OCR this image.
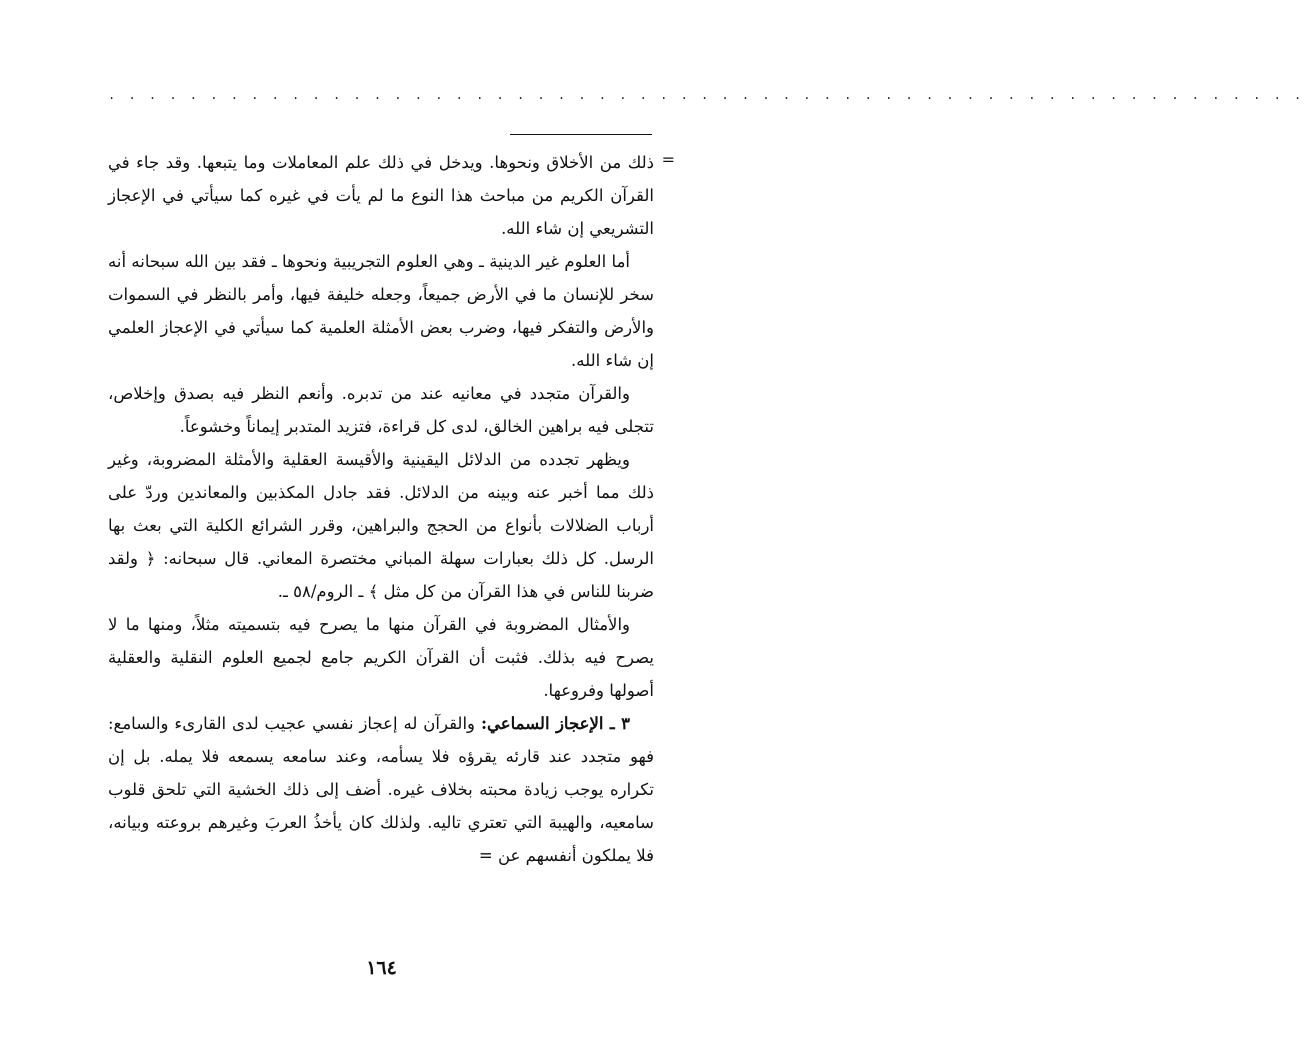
. . . . . . . . . . . . . . . . . . . . . . . . . . . . . . . . . . . . . . . . . . . . . . . . . . . . . . . . . . .
=

ذلك من الأخلاق ونحوها. ويدخل في ذلك علم المعاملات وما يتبعها. وقد جاء في القرآن الكريم من مباحث هذا النوع ما لم يأت في غيره كما سيأتي في الإعجاز التشريعي إن شاء الله.

أما العلوم غير الدينية ـ وهي العلوم التجريبية ونحوها ـ فقد بين الله سبحانه أنه سخر للإنسان ما في الأرض جميعاً، وجعله خليفة فيها، وأمر بالنظر في السموات والأرض والتفكر فيها، وضرب بعض الأمثلة العلمية كما سيأتي في الإعجاز العلمي إن شاء الله.

والقرآن متجدد في معانيه عند من تدبره. وأنعم النظر فيه بصدق وإخلاص، تتجلى فيه براهين الخالق، لدى كل قراءة، فتزيد المتدبر إيماناً وخشوعاً.

ويظهر تجدده من الدلائل اليقينية والأقيسة العقلية والأمثلة المضروبة، وغير ذلك مما أخبر عنه وبينه من الدلائل. فقد جادل المكذبين والمعاندين وردّ على أرباب الضلالات بأنواع من الحجج والبراهين، وقرر الشرائع الكلية التي بعث بها الرسل. كل ذلك بعبارات سهلة المباني مختصرة المعاني. قال سبحانه: ﴿ ولقد ضربنا للناس في هذا القرآن من كل مثل ﴾ ـ الروم/٥٨ ـ.

والأمثال المضروبة في القرآن منها ما يصرح فيه بتسميته مثلاً، ومنها ما لا يصرح فيه بذلك. فثبت أن القرآن الكريم جامع لجميع العلوم النقلية والعقلية أصولها وفروعها.

٣ ـ الإعجاز السماعي: والقرآن له إعجاز نفسي عجيب لدى القارىء والسامع: فهو متجدد عند قارئه يقرؤه فلا يسأمه، وعند سامعه يسمعه فلا يمله. بل إن تكراره يوجب زيادة محبته بخلاف غيره. أضف إلى ذلك الخشية التي تلحق قلوب سامعيه، والهيبة التي تعتري تاليه. ولذلك كان يأخذُ العربَ وغيرهم بروعته وبيانه، فلا يملكون أنفسهم عن =

١٦٤
